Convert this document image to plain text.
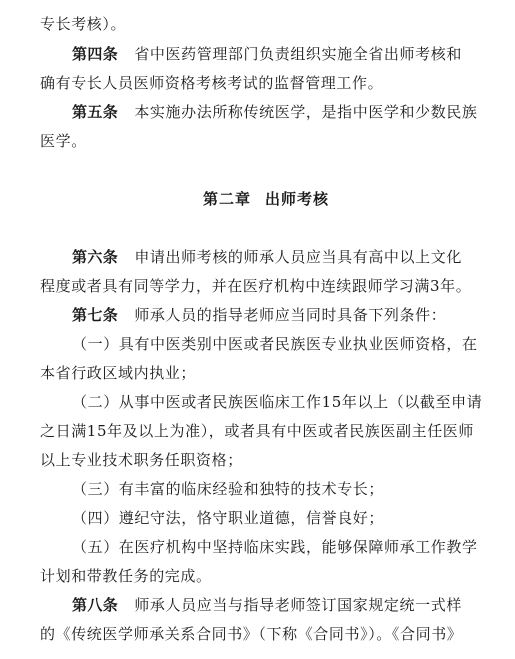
专长考核）。
第四条 省中医药管理部门负责组织实施全省出师考核和
确有专长人员医师资格考核考试的监督管理工作。
第五条 本实施办法所称传统医学，是指中医学和少数民族
医学。
第二章 出师考核
第六条 申请出师考核的师承人员应当具有高中以上文化
程度或者具有同等学力，并在医疗机构中连续跟师学习满3年。
第七条 师承人员的指导老师应当同时具备下列条件：
（一）具有中医类别中医或者民族医专业执业医师资格，在
本省行政区域内执业；
（二）从事中医或者民族医临床工作15年以上（以截至申请
之日满15年及以上为准），或者具有中医或者民族医副主任医师
以上专业技术职务任职资格；
（三）有丰富的临床经验和独特的技术专长；
（四）遵纪守法，恪守职业道德，信誉良好；
（五）在医疗机构中坚持临床实践，能够保障师承工作教学
计划和带教任务的完成。
第八条 师承人员应当与指导老师签订国家规定统一式样
的《传统医学师承关系合同书》（下称《合同书》）。《合同书》
